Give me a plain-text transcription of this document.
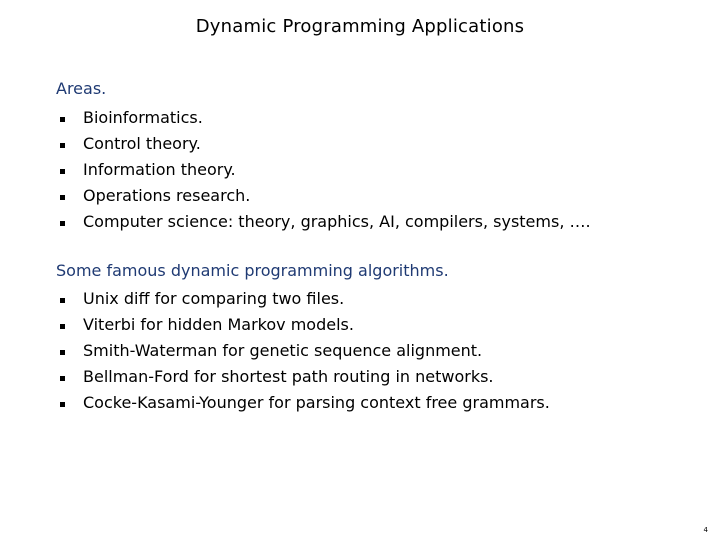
Dynamic Programming Applications
Areas.
Bioinformatics.
Control theory.
Information theory.
Operations research.
Computer science: theory, graphics, AI, compilers, systems, ….
Some famous dynamic programming algorithms.
Unix diff for comparing two files.
Viterbi for hidden Markov models.
Smith-Waterman for genetic sequence alignment.
Bellman-Ford for shortest path routing in networks.
Cocke-Kasami-Younger for parsing context free grammars.
4
